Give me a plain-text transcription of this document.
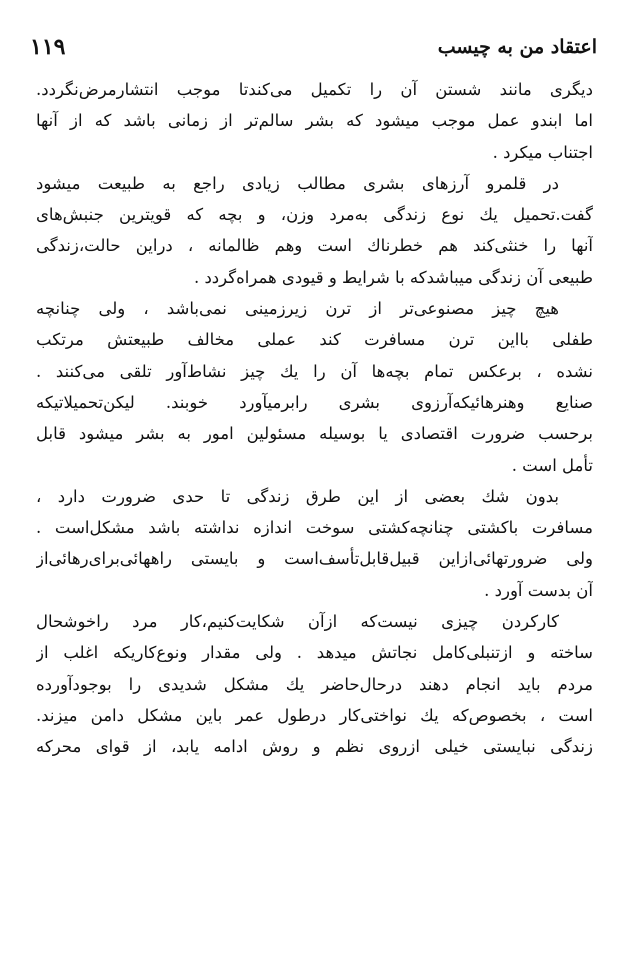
۱۱۹	اعتقاد من به چیسب
دیگری مانند شستن آن را تکمیل می‌کندتا موجب انتشارمرض‌نگردد.
اما ابندو عمل موجب میشود که بشر سالم‌تر از زمانی باشد که از آنها
اجتناب میکرد .
در قلمرو آرزهای بشری مطالب زیادی راجع به طبیعت میشود
گفت.تحمیل یك نوع زندگی به‌مرد وزن، و بچه که قویترین جنبش‌های
آنها را خنثی‌کند هم خطرناك است وهم ظالمانه ، دراین حالت،زندگی
طبیعی آن زندگی میباشدکه با شرایط و قیودی همراه‌گردد .
هیچ چیز مصنوعی‌تر از ترن زیرزمینی نمی‌باشد ، ولی چنانچه
طفلی بااین ترن مسافرت کند عملی مخالف طبیعتش مرتکب
نشده ، برعکس تمام بچه‌ها آن را یك چیز نشاط‌آور تلقی می‌کنند .
صنایع وهنرهائیکه‌آرزوی بشری رابرمیآورد خوبند. لیکن‌تحمیلاتیکه
برحسب ضرورت اقتصادی یا بوسیله مسئولین امور به بشر میشود قابل
تأمل است .
بدون شك بعضی از این طرق زندگی تا حدی ضرورت دارد ،
مسافرت باکشتی چنانچه‌کشتی سوخت اندازه نداشته باشد مشکل‌است .
ولی ضرورتهائی‌ازاین قبیل‌قابل‌تأسف‌است و بایستی راههائی‌برای‌رهائی‌از
آن بدست آورد .
کارکردن چیزی نیست‌که ازآن شکایت‌کنیم،کار مرد راخوشحال
ساخته و ازتنبلی‌کامل نجاتش میدهد . ولی مقدار ونوع‌کاریکه اغلب از
مردم باید انجام دهند درحال‌حاضر یك مشکل شدیدی را بوجودآورده
است ، بخصوص‌که یك نواختی‌کار درطول عمر باین مشکل دامن میزند.
زندگی نبایستی خیلی ازروی نظم و روش ادامه یابد، از قوای محرکه
